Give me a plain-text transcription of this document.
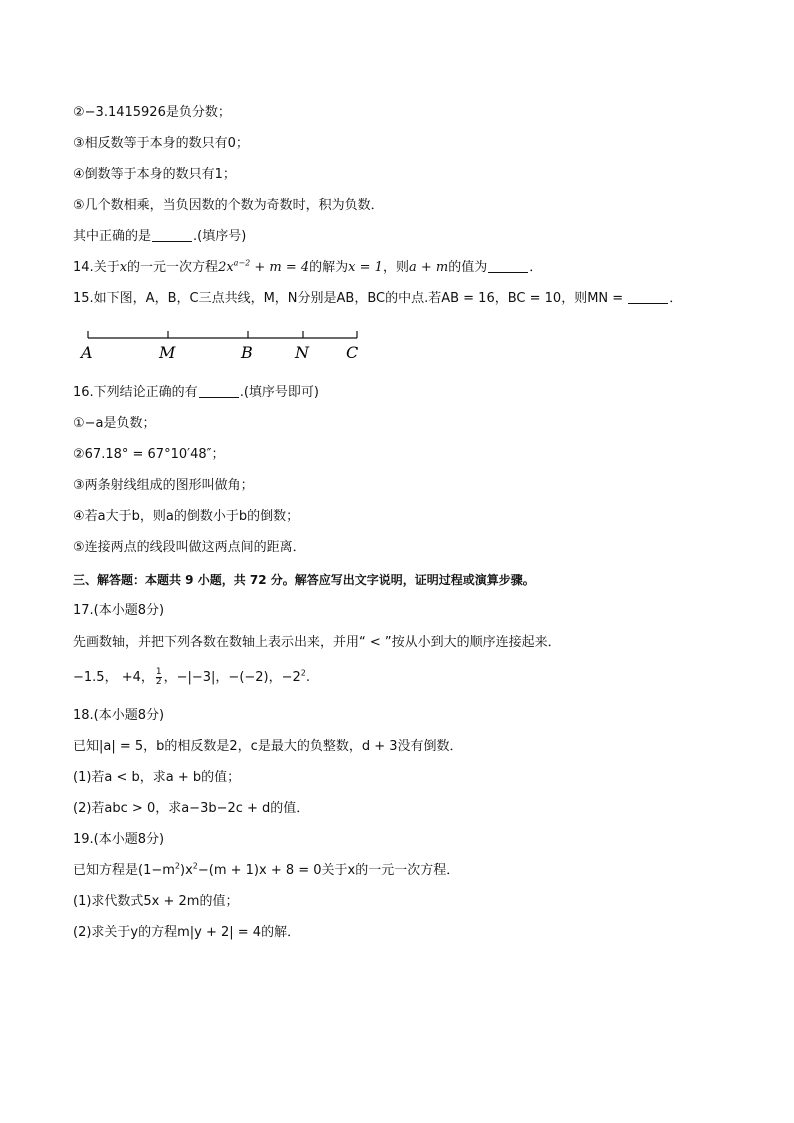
②−3.1415926是负分数；
③相反数等于本身的数只有0；
④倒数等于本身的数只有1；
⑤几个数相乘，当负因数的个数为奇数时，积为负数．
其中正确的是	.(填序号)
14.关于x的一元一次方程$2x^{a-2} + m = 4$的解为x = 1，则a + m的值为	．
15.如下图，A，B，C三点共线，M，N分别是AB，BC的中点.若AB = 16，BC = 10，则MN =	．
A	M	B	N C
16.下列结论正确的有	.(填序号即可)
①−a是负数；
②67.18° = 67°10′48″；
③两条射线组成的图形叫做角；
④若a大于b，则a的倒数小于b的倒数；
⑤连接两点的线段叫做这两点间的距离．
三、解答题：本题共 9 小题，共 72 分。解答应写出文字说明，证明过程或演算步骤。
17.(本小题8分)
先画数轴，并把下列各数在数轴上表示出来，并用“ < ”按从小到大的顺序连接起来．
−1.5， +4， $\frac{1}{2}$ ，−|−3|，−(−2)，$-2^2$.
18.(本小题8分)
已知|a| = 5，b的相反数是2，c是最大的负整数，d + 3没有倒数．
(1)若a < b，求a + b的值；
(2)若abc > 0，求a−3b−2c + d的值．
19.(本小题8分)
已知方程是$(1-m^2)x^2-(m + 1)x + 8 = 0$关于x的一元一次方程．
(1)求代数式5x + 2m的值；
(2)求关于y的方程m|y + 2| = 4的解．
